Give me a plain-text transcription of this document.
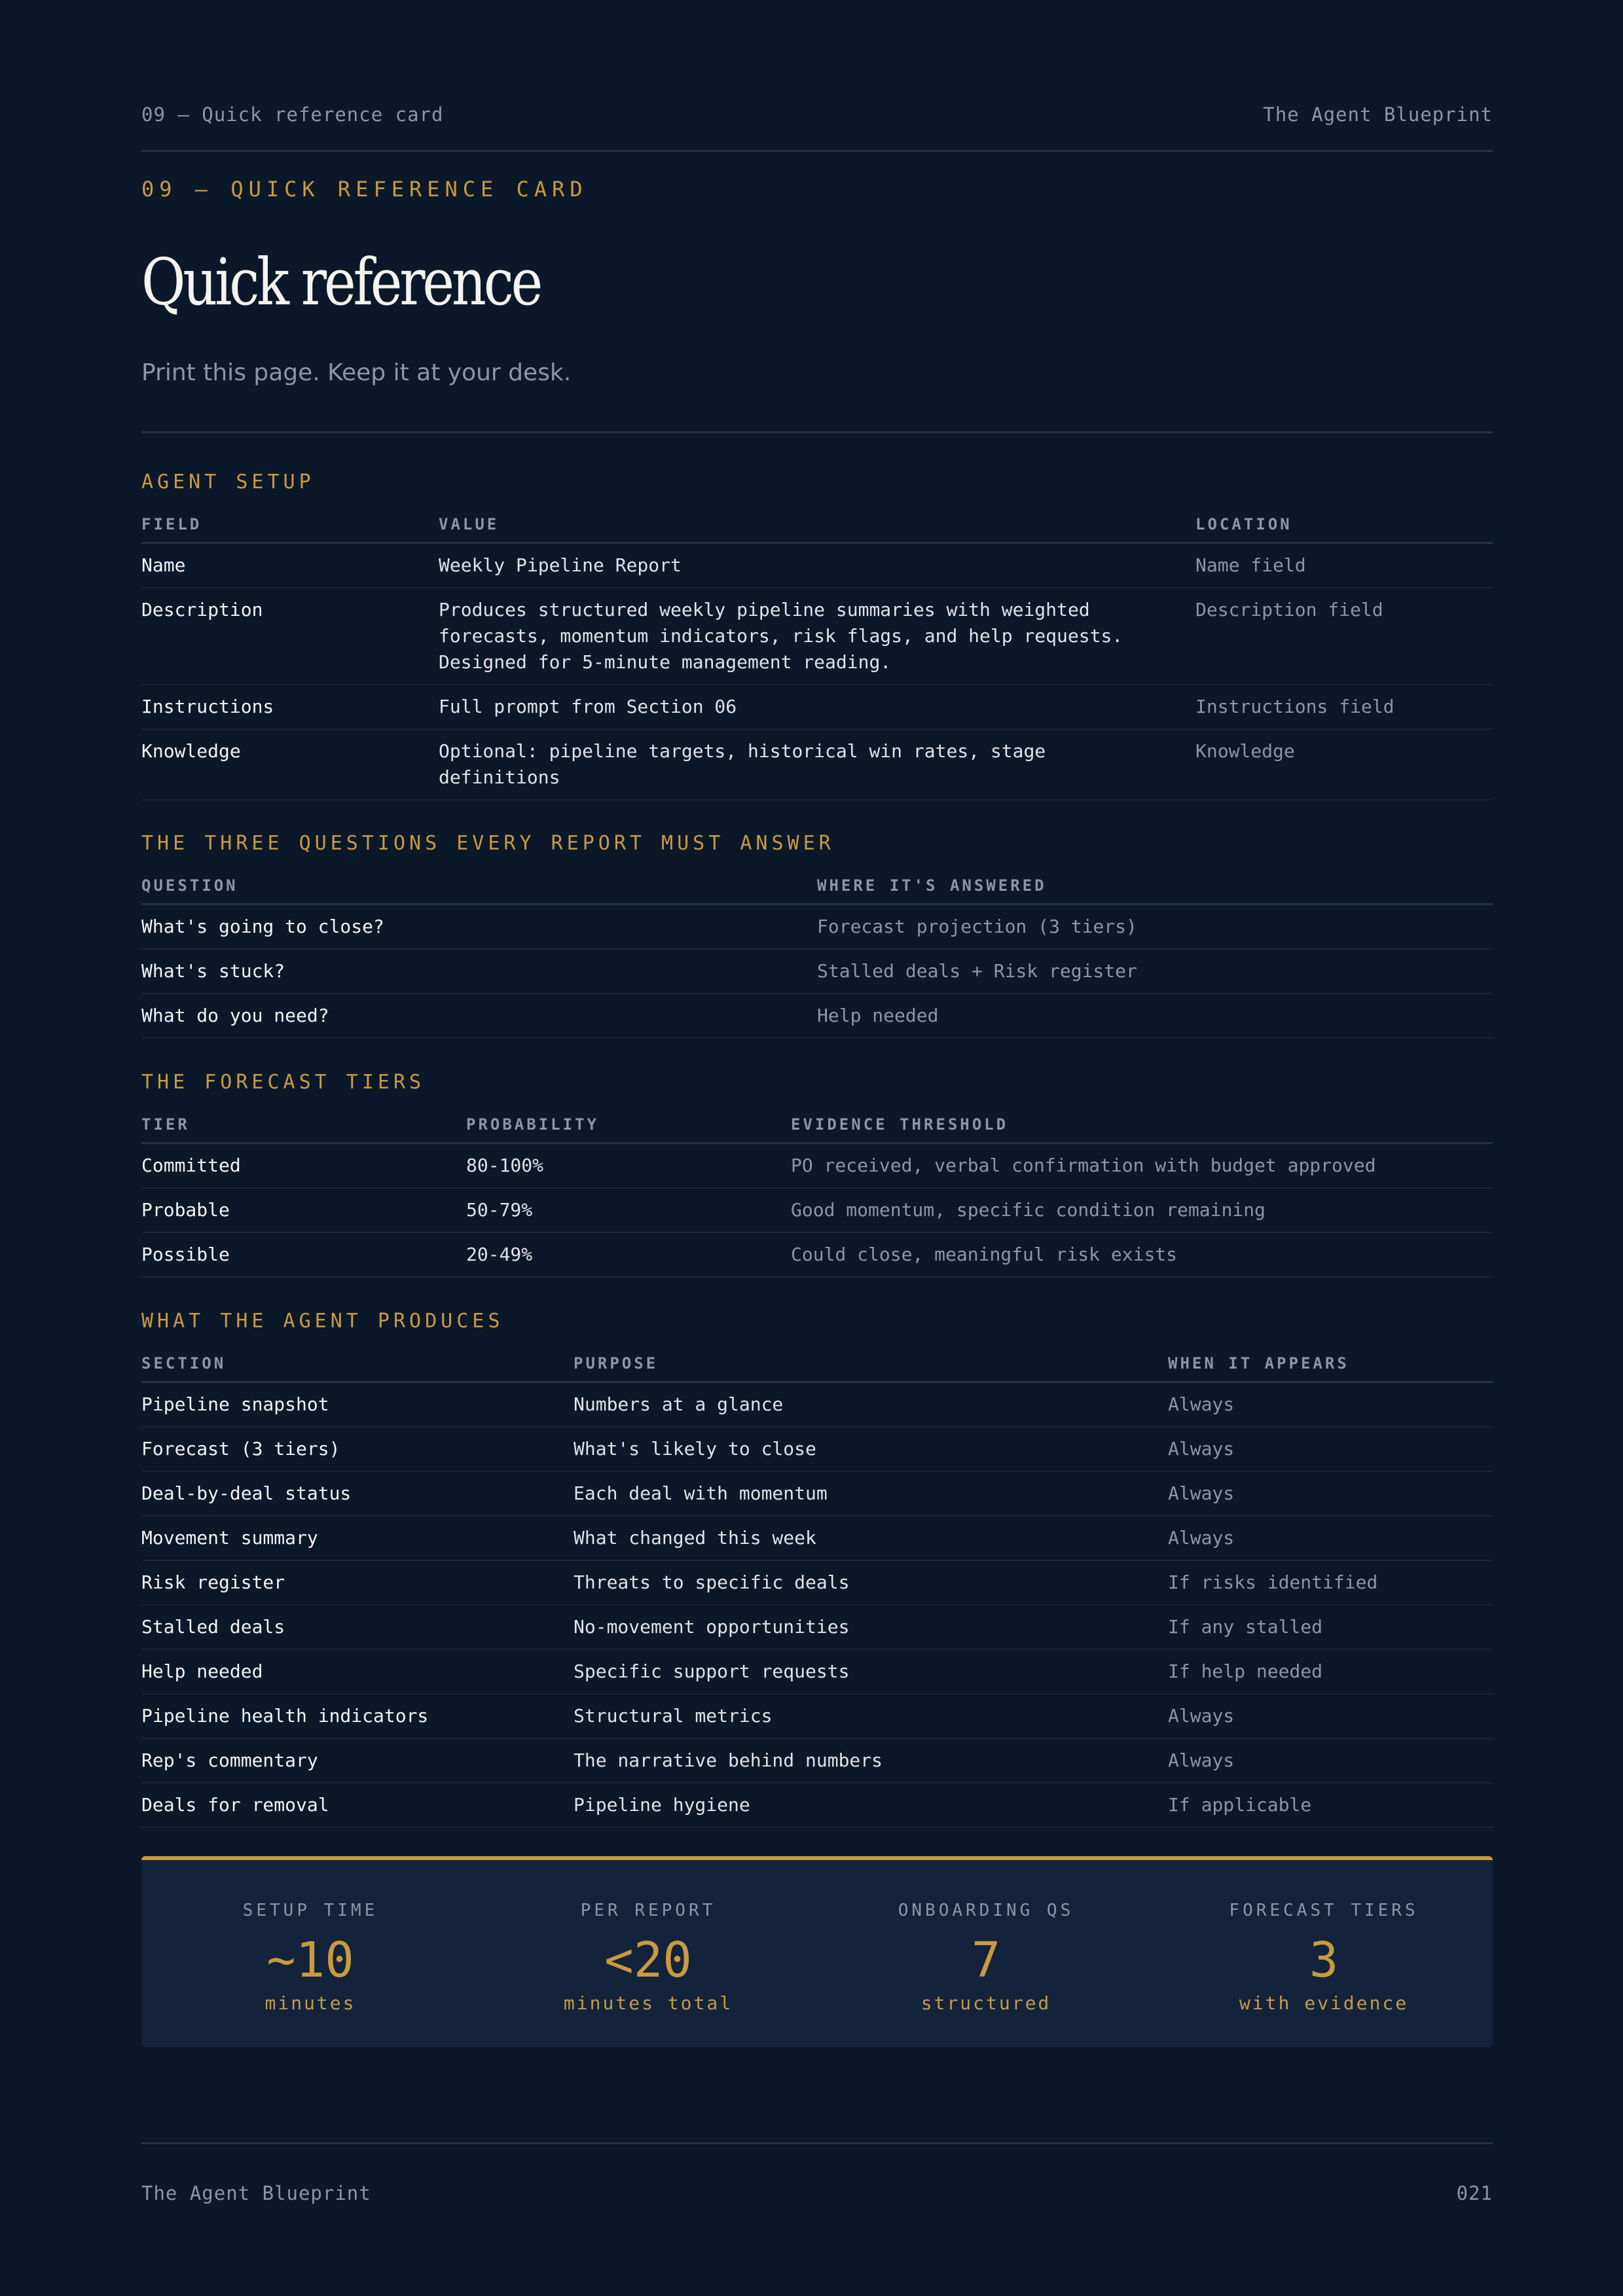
09 — Quick reference card	The Agent Blueprint
09 — QUICK REFERENCE CARD
Quick reference
Print this page. Keep it at your desk.
AGENT SETUP
FIELD	VALUE	LOCATION
Name	Weekly Pipeline Report	Name field
Description	Produces structured weekly pipeline summaries with weighted forecasts, momentum indicators, risk flags, and help requests. Designed for 5-minute management reading.	Description field
Instructions	Full prompt from Section 06	Instructions field
Knowledge	Optional: pipeline targets, historical win rates, stage definitions	Knowledge
THE THREE QUESTIONS EVERY REPORT MUST ANSWER
QUESTION	WHERE IT'S ANSWERED
What's going to close?	Forecast projection (3 tiers)
What's stuck?	Stalled deals + Risk register
What do you need?	Help needed
THE FORECAST TIERS
TIER	PROBABILITY	EVIDENCE THRESHOLD
Committed	80-100%	PO received, verbal confirmation with budget approved
Probable	50-79%	Good momentum, specific condition remaining
Possible	20-49%	Could close, meaningful risk exists
WHAT THE AGENT PRODUCES
SECTION	PURPOSE	WHEN IT APPEARS
Pipeline snapshot	Numbers at a glance	Always
Forecast (3 tiers)	What's likely to close	Always
Deal-by-deal status	Each deal with momentum	Always
Movement summary	What changed this week	Always
Risk register	Threats to specific deals	If risks identified
Stalled deals	No-movement opportunities	If any stalled
Help needed	Specific support requests	If help needed
Pipeline health indicators	Structural metrics	Always
Rep's commentary	The narrative behind numbers	Always
Deals for removal	Pipeline hygiene	If applicable
SETUP TIME
~10
minutes
PER REPORT
<20
minutes total
ONBOARDING QS
7
structured
FORECAST TIERS
3
with evidence
The Agent Blueprint	021
